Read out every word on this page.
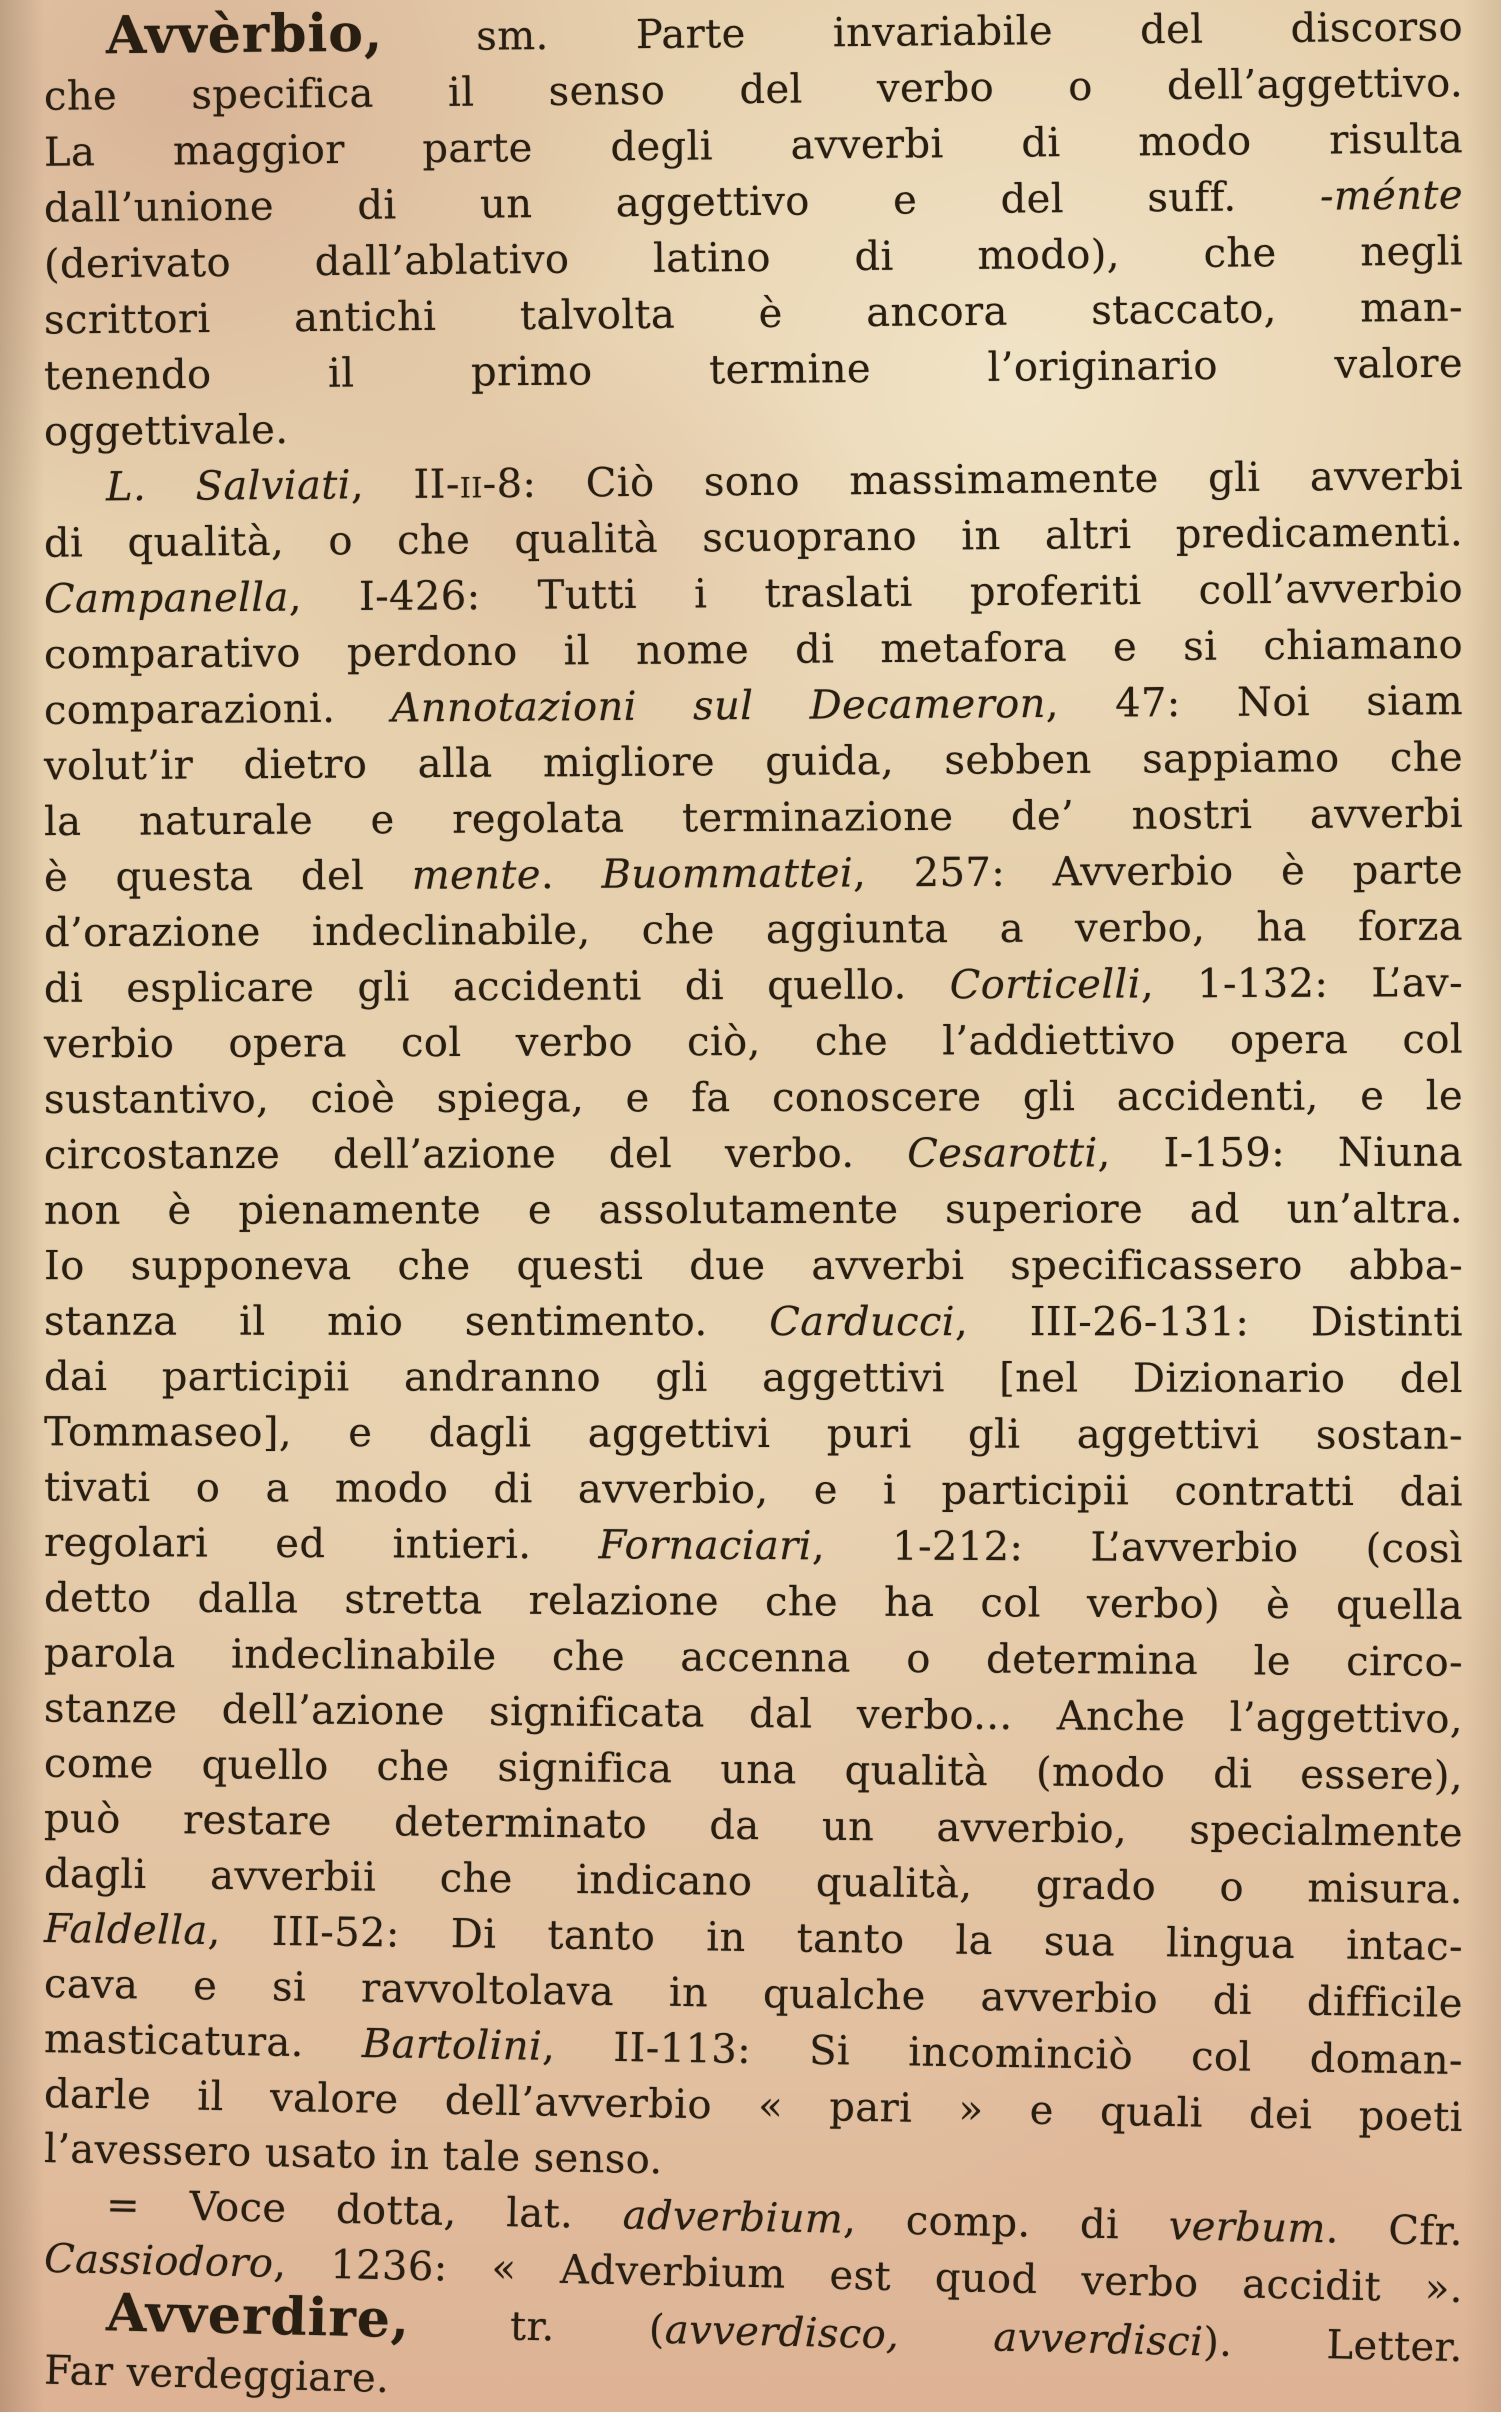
Avvèrbio, sm. Parte invariabile del discorso
che specifica il senso del verbo o dell’aggettivo.
La maggior parte degli avverbi di modo risulta
dall’unione di un aggettivo e del suff. -ménte
(derivato dall’ablativo latino di modo), che negli
scrittori antichi talvolta è ancora staccato, man-
tenendo il primo termine l’originario valore
oggettivale.
L. Salviati, II-ii-8: Ciò sono massimamente gli avverbi
di qualità, o che qualità scuoprano in altri predicamenti.
Campanella, I-426: Tutti i traslati proferiti coll’avverbio
comparativo perdono il nome di metafora e si chiamano
comparazioni. Annotazioni sul Decameron, 47: Noi siam
volut’ir dietro alla migliore guida, sebben sappiamo che
la naturale e regolata terminazione de’ nostri avverbi
è questa del mente. Buommattei, 257: Avverbio è parte
d’orazione indeclinabile, che aggiunta a verbo, ha forza
di esplicare gli accidenti di quello. Corticelli, 1-132: L’av-
verbio opera col verbo ciò, che l’addiettivo opera col
sustantivo, cioè spiega, e fa conoscere gli accidenti, e le
circostanze dell’azione del verbo. Cesarotti, I-159: Niuna
non è pienamente e assolutamente superiore ad un’altra.
Io supponeva che questi due avverbi specificassero abba-
stanza il mio sentimento. Carducci, III-26-131: Distinti
dai participii andranno gli aggettivi [nel Dizionario del
Tommaseo], e dagli aggettivi puri gli aggettivi sostan-
tivati o a modo di avverbio, e i participii contratti dai
regolari ed intieri. Fornaciari, 1-212: L’avverbio (così
detto dalla stretta relazione che ha col verbo) è quella
parola indeclinabile che accenna o determina le circo-
stanze dell’azione significata dal verbo... Anche l’aggettivo,
come quello che significa una qualità (modo di essere),
può restare determinato da un avverbio, specialmente
dagli avverbii che indicano qualità, grado o misura.
Faldella, III-52: Di tanto in tanto la sua lingua intac-
cava e si ravvoltolava in qualche avverbio di difficile
masticatura. Bartolini, II-113: Si incominciò col doman-
darle il valore dell’avverbio « pari » e quali dei poeti
l’avessero usato in tale senso.
= Voce dotta, lat. adverbium, comp. di verbum. Cfr.
Cassiodoro, 1236: « Adverbium est quod verbo accidit ».
Avverdire, tr. (avverdisco, avverdisci). Letter.
Far verdeggiare.
